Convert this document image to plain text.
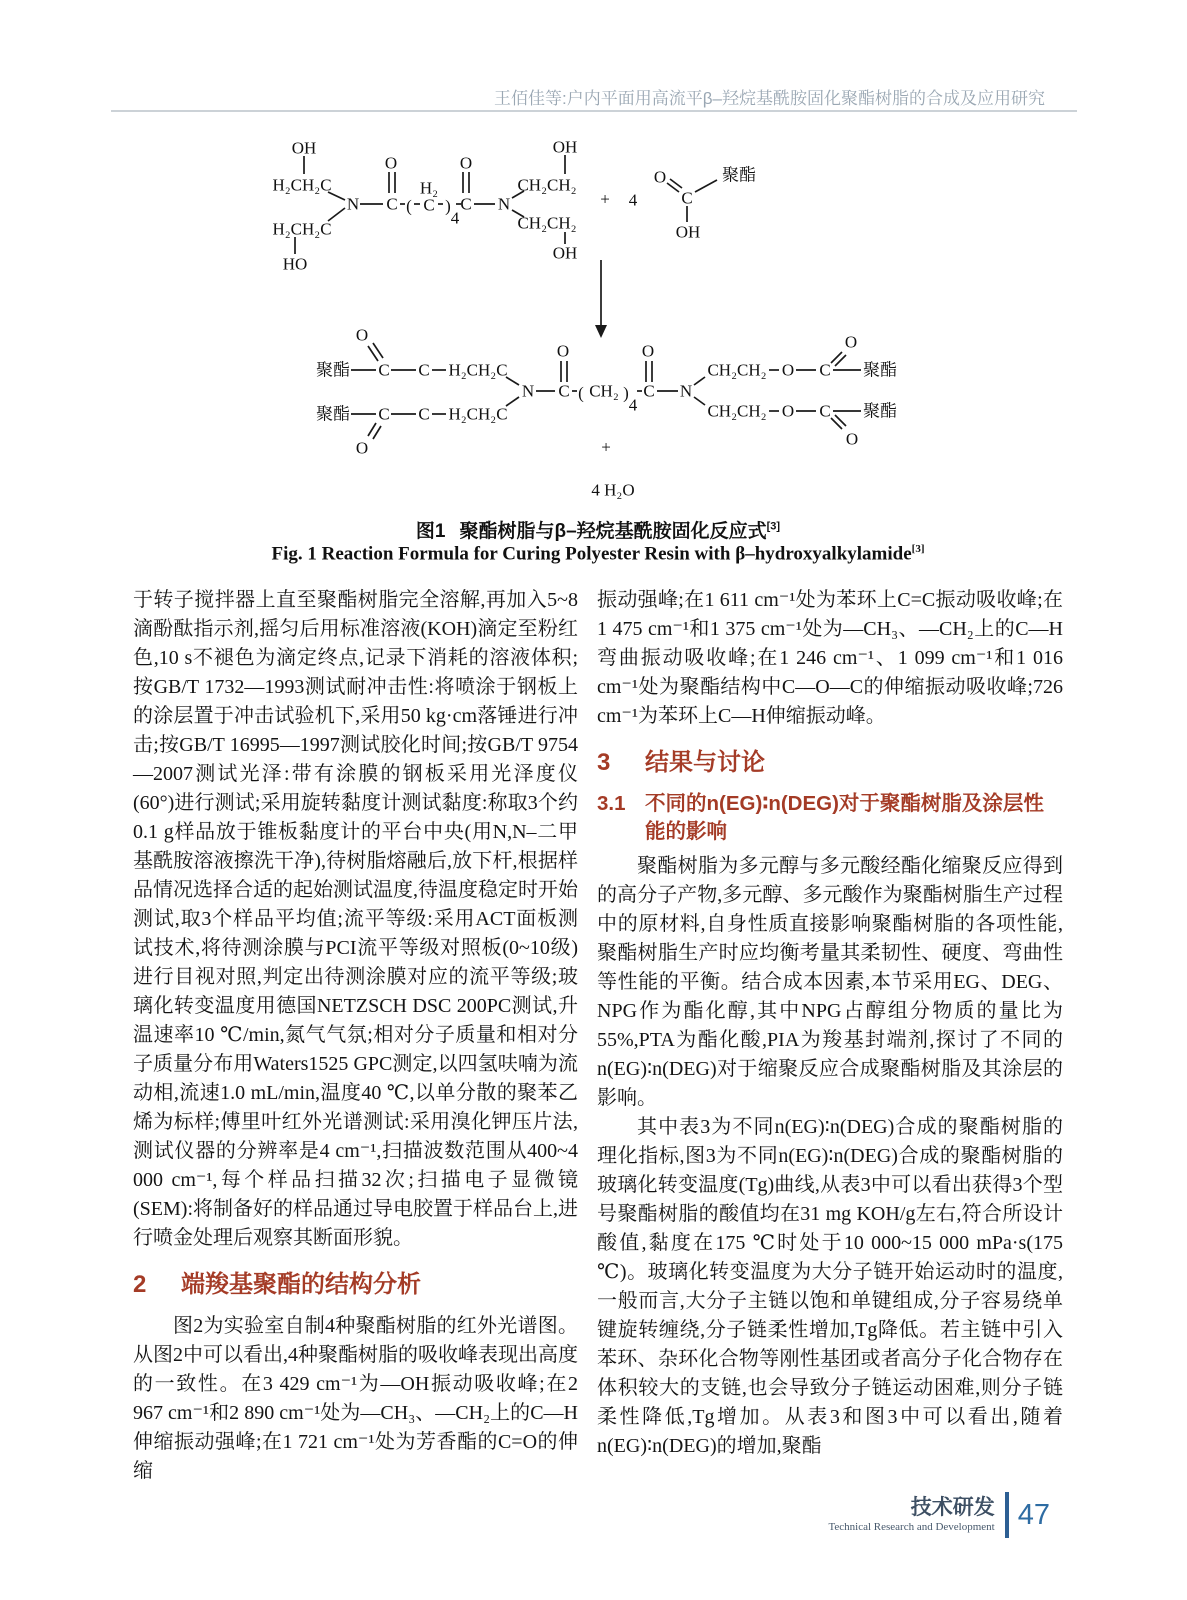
王佰佳等:户内平面用高流平β–羟烷基酰胺固化聚酯树脂的合成及应用研究
OH
H₂CH₂C
H₂CH₂C
HO
N C
O
(
H₂
C )
4
C
O
N
CH₂CH₂
OH
CH₂CH₂
OH
+ 4
O
C
聚酯
OH
聚酯 C
O
C H₂CH₂C
聚酯 C
O
C H₂CH₂C
N C
O
( CH₂ )
4
C
O
N
CH₂CH₂ O C
O
聚酯
CH₂CH₂ O C
O
聚酯
+
4 H₂O
图1 聚酯树脂与β–羟烷基酰胺固化反应式[3]
Fig. 1 Reaction Formula for Curing Polyester Resin with β–hydroxyalkylamide[3]

于转子搅拌器上直至聚酯树脂完全溶解,再加入5~8滴酚酞指示剂,摇匀后用标准溶液(KOH)滴定至粉红色,10 s不褪色为滴定终点,记录下消耗的溶液体积;按GB/T 1732—1993测试耐冲击性:将喷涂于钢板上的涂层置于冲击试验机下,采用50 kg·cm落锤进行冲击;按GB/T 16995—1997测试胶化时间;按GB/T 9754—2007测试光泽:带有涂膜的钢板采用光泽度仪(60°)进行测试;采用旋转黏度计测试黏度:称取3个约0.1 g样品放于锥板黏度计的平台中央(用N,N–二甲基酰胺溶液擦洗干净),待树脂熔融后,放下杆,根据样品情况选择合适的起始测试温度,待温度稳定时开始测试,取3个样品平均值;流平等级:采用ACT面板测试技术,将待测涂膜与PCI流平等级对照板(0~10级)进行目视对照,判定出待测涂膜对应的流平等级;玻璃化转变温度用德国NETZSCH DSC 200PC测试,升温速率10 ℃/min,氮气气氛;相对分子质量和相对分子质量分布用Waters1525 GPC测定,以四氢呋喃为流动相,流速1.0 mL/min,温度40 ℃,以单分散的聚苯乙烯为标样;傅里叶红外光谱测试:采用溴化钾压片法,测试仪器的分辨率是4 cm⁻¹,扫描波数范围从400~4 000 cm⁻¹,每个样品扫描32次;扫描电子显微镜(SEM):将制备好的样品通过导电胶置于样品台上,进行喷金处理后观察其断面形貌。

2	端羧基聚酯的结构分析

图2为实验室自制4种聚酯树脂的红外光谱图。从图2中可以看出,4种聚酯树脂的吸收峰表现出高度的一致性。在3 429 cm⁻¹为—OH振动吸收峰;在2 967 cm⁻¹和2 890 cm⁻¹处为—CH₃、—CH₂上的C—H伸缩振动强峰;在1 721 cm⁻¹处为芳香酯的C=O的伸缩

振动强峰;在1 611 cm⁻¹处为苯环上C=C振动吸收峰;在1 475 cm⁻¹和1 375 cm⁻¹处为—CH₃、—CH₂上的C—H弯曲振动吸收峰;在1 246 cm⁻¹、1 099 cm⁻¹和1 016 cm⁻¹处为聚酯结构中C—O—C的伸缩振动吸收峰;726 cm⁻¹为苯环上C—H伸缩振动峰。

3	结果与讨论
3.1 不同的n(EG)∶n(DEG)对于聚酯树脂及涂层性能的影响

聚酯树脂为多元醇与多元酸经酯化缩聚反应得到的高分子产物,多元醇、多元酸作为聚酯树脂生产过程中的原材料,自身性质直接影响聚酯树脂的各项性能,聚酯树脂生产时应均衡考量其柔韧性、硬度、弯曲性等性能的平衡。结合成本因素,本节采用EG、DEG、NPG作为酯化醇,其中NPG占醇组分物质的量比为55%,PTA为酯化酸,PIA为羧基封端剂,探讨了不同的n(EG)∶n(DEG)对于缩聚反应合成聚酯树脂及其涂层的影响。

其中表3为不同n(EG)∶n(DEG)合成的聚酯树脂的理化指标,图3为不同n(EG)∶n(DEG)合成的聚酯树脂的玻璃化转变温度(Tg)曲线,从表3中可以看出获得3个型号聚酯树脂的酸值均在31 mg KOH/g左右,符合所设计酸值,黏度在175 ℃时处于10 000~15 000 mPa·s(175 ℃)。玻璃化转变温度为大分子链开始运动时的温度,一般而言,大分子主链以饱和单键组成,分子容易绕单键旋转缠绕,分子链柔性增加,Tg降低。若主链中引入苯环、杂环化合物等刚性基团或者高分子化合物存在体积较大的支链,也会导致分子链运动困难,则分子链柔性降低,Tg增加。从表3和图3中可以看出,随着n(EG)∶n(DEG)的增加,聚酯

技术研发
Technical Research and Development 47
